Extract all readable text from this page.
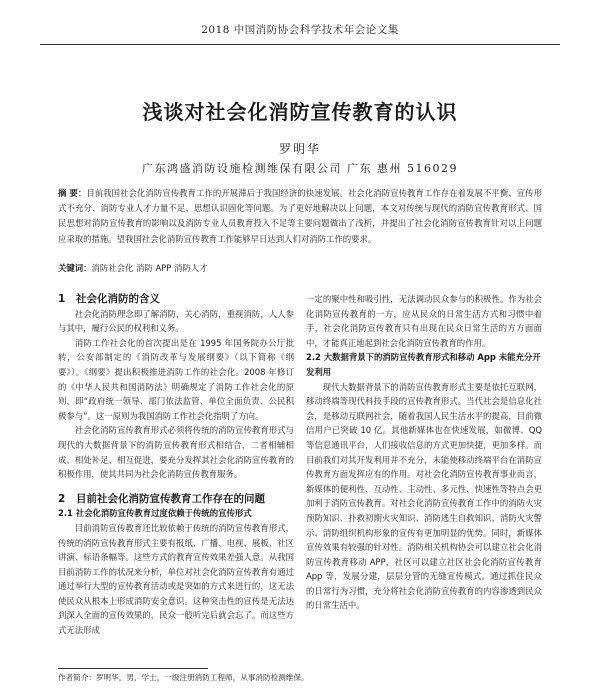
2018 中国消防协会科学技术年会论文集
浅谈对社会化消防宣传教育的认识
罗明华
广东鸿盛消防设施检测维保有限公司 广东 惠州 516029
摘 要：目前我国社会化消防宣传教育工作的开展滞后于我国经济的快速发展。社会化消防宣传教育工作存在着发展不平衡、宣传形式不充分、消防专业人才力量不足、思想认识固化等问题。为了更好地解决以上问题，本文对传统与现代的消防宣传教育形式、国民思想对消防宣传教育的影响以及消防专业人员教育投入不足等主要问题做出了浅析，并提出了社会化消防宣传教育针对以上问题应采取的措施。望我国社会化消防宣传教育工作能够早日达到人们对消防工作的要求。
关键词：消防社会化 消防 APP 消防人才

1 社会化消防的含义

社会化消防理念即了解消防，关心消防，重视消防，人人参与其中，履行公民的权利和义务。

消防工作社会化的首次提出是在 1995 年国务院办公厅批转，公安部制定的《消防改革与发展纲要》（以下简称《纲要》）。《纲要》提出积极推进消防工作的社会化。2008 年修订的《中华人民共和国消防法》明确规定了消防工作社会化的原则，即“政府统一领导、部门依法监管、单位全面负责、公民积极参与”。这一原则为我国消防工作社会化指明了方向。

社会化消防宣传教育形式必须将传统的消防宣传教育形式与现代的大数据背景下的消防宣传教育形式相结合，二者相辅相成、相处补足、相互促进，要充分发挥其社会化消防宣传教育的积极作用，使其共同为社会化消防宣传教育服务。

2 目前社会化消防宣传教育工作存在的问题

2.1 社会化消防宣传教育过度依赖于传统的宣传形式

目前消防宣传教育还比较依赖于传统的消防宣传教育形式，传统的消防宣传教育形式主要有报纸、广播、电视、展板、社区讲演、标语条幅等。这些方式的教育宣传效果差强人意。从我国目前消防工作的状况来分析，单位对社会化消防宣传教育有通过通过举行大型的宣传教育活动或是突如的方式来进行的，这无法使民众从根本上形成消防安全意识。这种突击性的宣传是无法达到深入全面的宣传效果的，民众一般听完后就会忘了。而这些方式无法形成

一定的聚中性和吸引性，无法调动民众参与的积极性。作为社会化消防宣传教育的一方，应从民众的日常生活方式和习惯中着手，社会化消防宣传教育只有出现在民众日常生活的方方面面中，才能真正地起到社会化消防宣传教育的作用。

2.2 大数据背景下的消防宣传教育形式和移动 App 未能充分开发利用

现代大数据背景下的消防宣传教育形式主要是依托互联网，移动终端等现代科技手段的宣传教育形式。当代社会是信息化社会，是移动互联网社会，随着我国人民生活水平的提高，目前微信用户已突破 10 亿。其他新媒体也在快速发展，如微博、QQ 等信息通讯平台，人们接收信息的方式更加快捷，更加多样。而目前我们对其开发利用并不充分，未能使移动终端平台在消防宣传教育方面发挥应有的作用。对社会化消防宣传教育事业而言，新媒体的便利性、互动性、主动性、多元性、快速性等特点会更加利于消防宣传教育。对社会化消防宣传教育工作中的消防火灾预防知识、扑救初期火灾知识、消防逃生自救知识、消防火灾警示、消防组织机构形象的宣传有更加明显的优势。同时，新媒体宣传效果有较强的针对性。消防相关机构协会可以建立社会化消防宣传教育移动 APP，社区可以建立社区社会化消防宣传教育 App 等，发展分建，层层分管的无缝宣传模式。通过抓住民众的日常行为习惯，充分将社会化消防宣传教育的内容渗透到民众的日常生活中。

作者简介：罗明华，男，学士，一级注册消防工程师，从事消防检测维保。
